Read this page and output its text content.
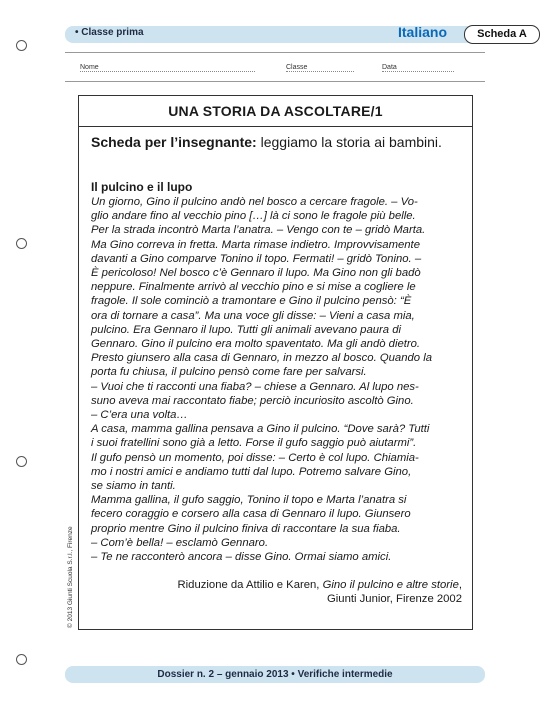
• Classe prima	Italiano	Scheda A
Nome	Classe	Data
UNA STORIA DA ASCOLTARE/1
Scheda per l’insegnante: leggiamo la storia ai bambini.
Il pulcino e il lupo
Un giorno, Gino il pulcino andò nel bosco a cercare fragole. – Vo-
glio andare fino al vecchio pino […] là ci sono le fragole più belle.
Per la strada incontrò Marta l’anatra. – Vengo con te – gridò Marta.
Ma Gino correva in fretta. Marta rimase indietro. Improvvisamente
davanti a Gino comparve Tonino il topo. Fermati! – gridò Tonino. –
È pericoloso! Nel bosco c’è Gennaro il lupo. Ma Gino non gli badò
neppure. Finalmente arrivò al vecchio pino e si mise a cogliere le
fragole. Il sole cominciò a tramontare e Gino il pulcino pensò: “È
ora di tornare a casa”. Ma una voce gli disse: – Vieni a casa mia,
pulcino. Era Gennaro il lupo. Tutti gli animali avevano paura di
Gennaro. Gino il pulcino era molto spaventato. Ma gli andò dietro.
Presto giunsero alla casa di Gennaro, in mezzo al bosco. Quando la
porta fu chiusa, il pulcino pensò come fare per salvarsi.
– Vuoi che ti racconti una fiaba? – chiese a Gennaro. Al lupo nes-
suno aveva mai raccontato fiabe; perciò incuriosito ascoltò Gino.
– C’era una volta…
A casa, mamma gallina pensava a Gino il pulcino. “Dove sarà? Tutti
i suoi fratellini sono già a letto. Forse il gufo saggio può aiutarmi”.
Il gufo pensò un momento, poi disse: – Certo è col lupo. Chiamia-
mo i nostri amici e andiamo tutti dal lupo. Potremo salvare Gino,
se siamo in tanti.
Mamma gallina, il gufo saggio, Tonino il topo e Marta l’anatra si
fecero coraggio e corsero alla casa di Gennaro il lupo. Giunsero
proprio mentre Gino il pulcino finiva di raccontare la sua fiaba.
– Com’è bella! – esclamò Gennaro.
– Te ne racconterò ancora – disse Gino. Ormai siamo amici.
Riduzione da Attilio e Karen, Gino il pulcino e altre storie,
Giunti Junior, Firenze 2002
© 2013 Giunti Scuola S.r.l., Firenze
Dossier n. 2 – gennaio 2013 • Verifiche intermedie
